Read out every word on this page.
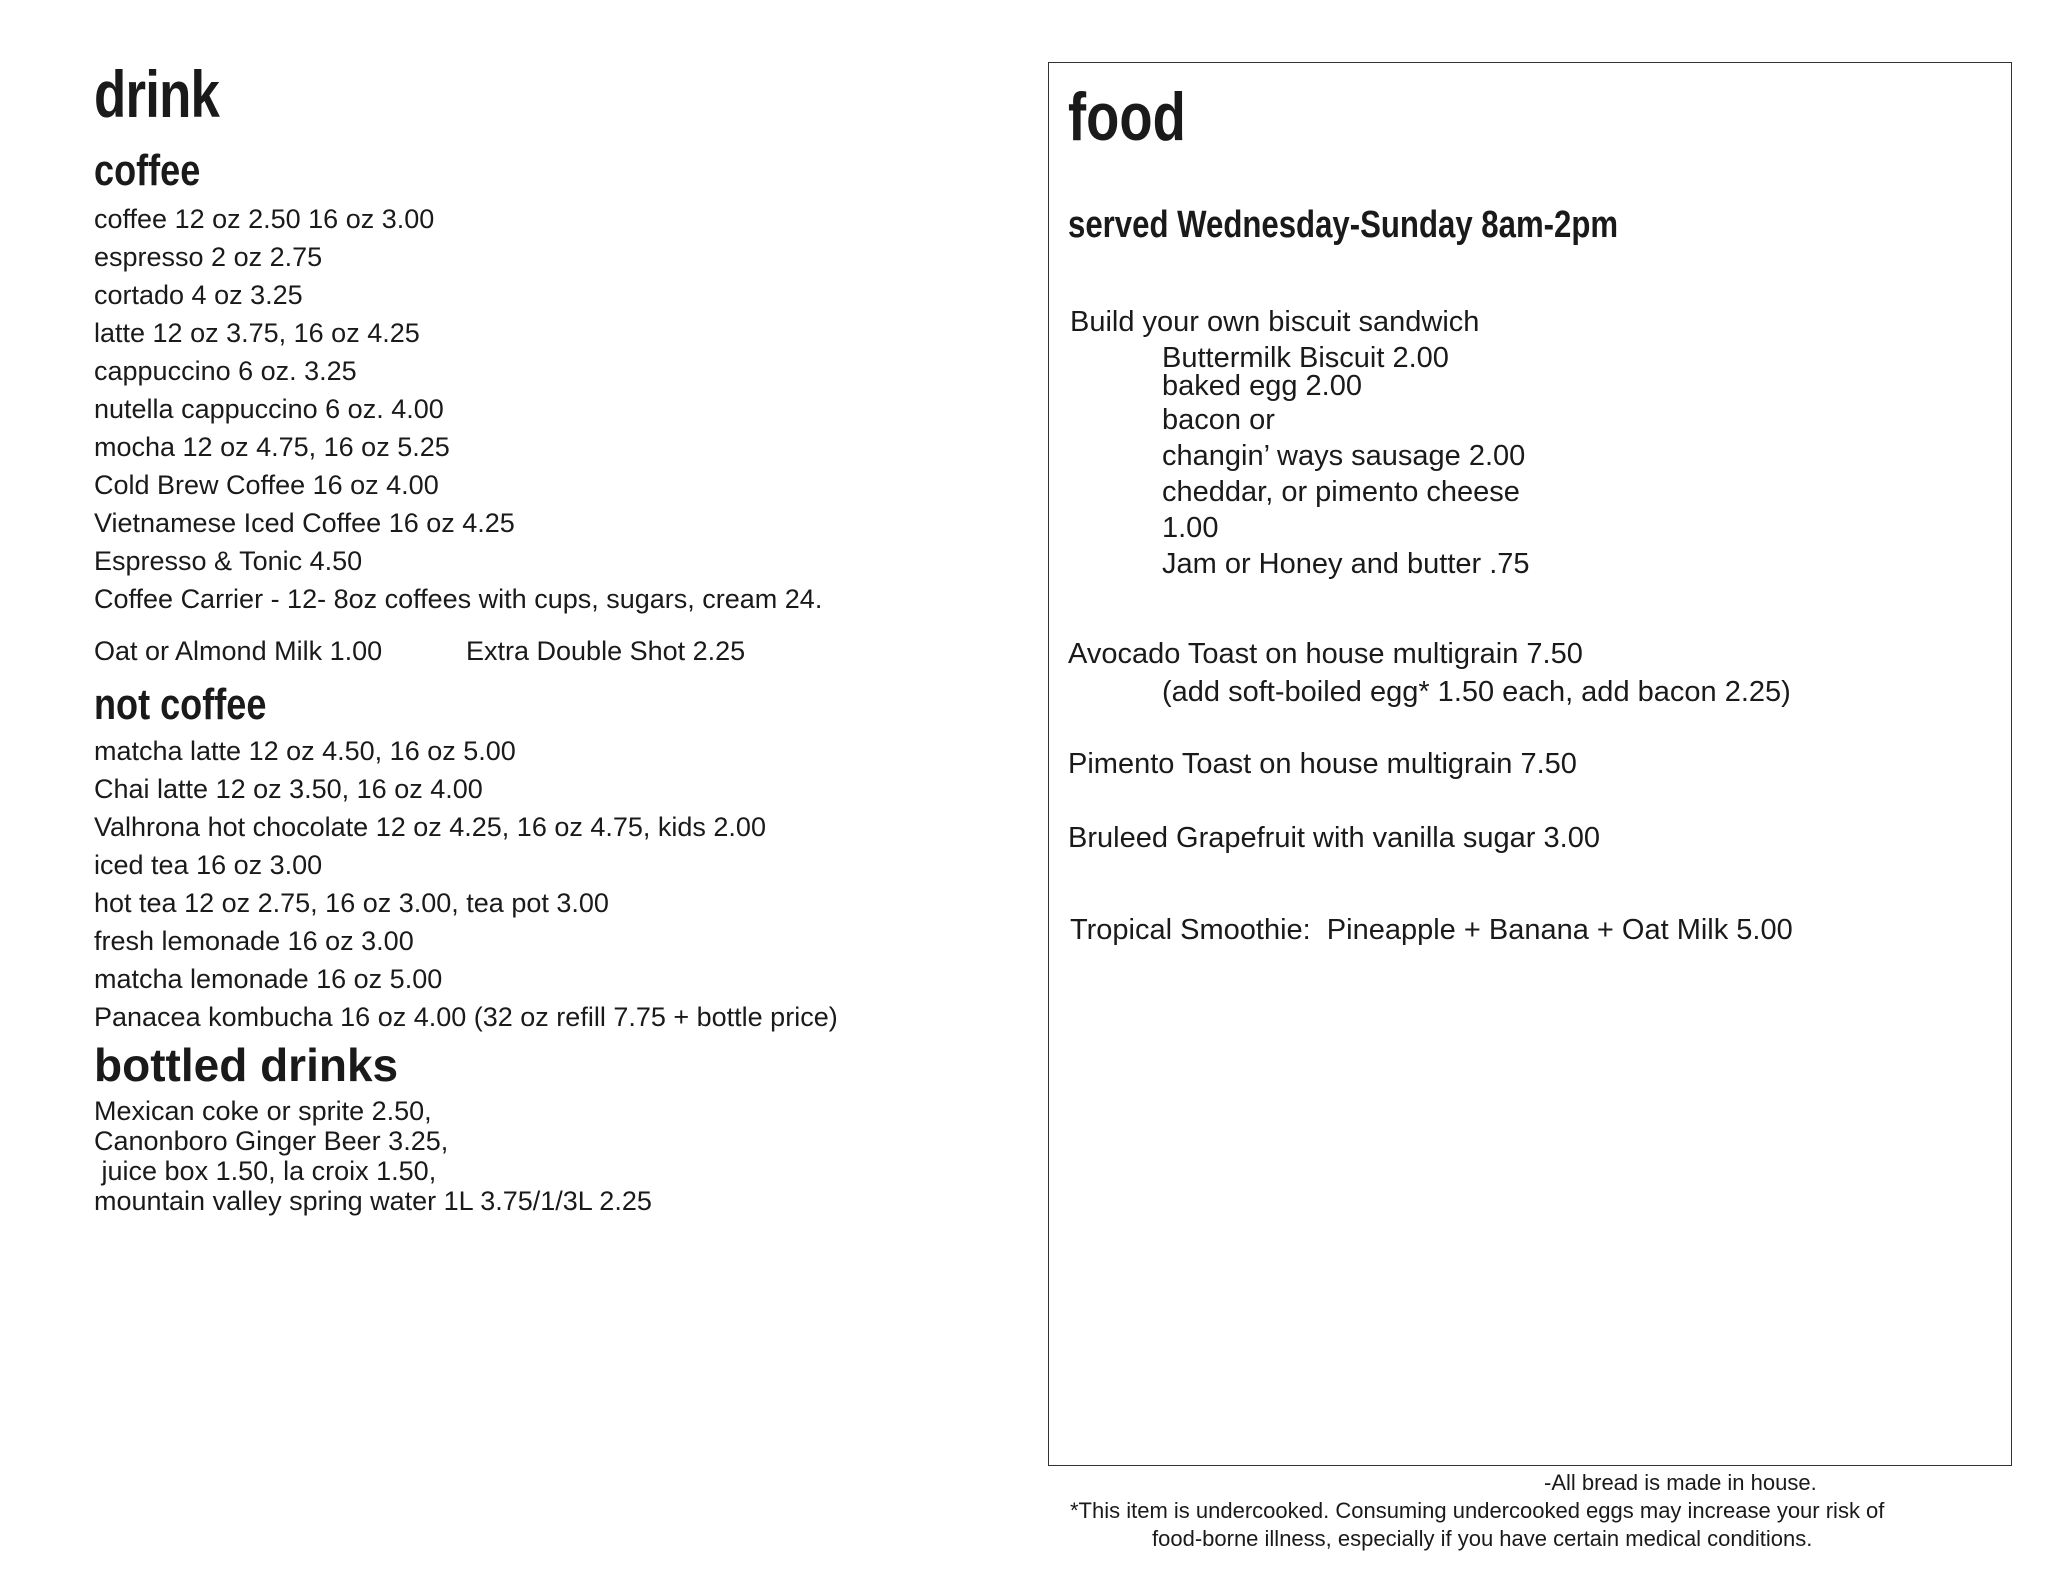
drink
coffee
coffee 12 oz 2.50 16 oz 3.00
espresso 2 oz 2.75
cortado 4 oz 3.25
latte 12 oz 3.75, 16 oz 4.25
cappuccino 6 oz. 3.25
nutella cappuccino 6 oz. 4.00
mocha 12 oz 4.75, 16 oz 5.25
Cold Brew Coffee 16 oz 4.00
Vietnamese Iced Coffee 16 oz 4.25
Espresso & Tonic 4.50
Coffee Carrier - 12- 8oz coffees with cups, sugars, cream 24.
Oat or Almond Milk 1.00	Extra Double Shot 2.25
not coffee
matcha latte 12 oz 4.50, 16 oz 5.00
Chai latte 12 oz 3.50, 16 oz 4.00
Valhrona hot chocolate 12 oz 4.25, 16 oz 4.75, kids 2.00
iced tea 16 oz 3.00
hot tea 12 oz 2.75, 16 oz 3.00, tea pot 3.00
fresh lemonade 16 oz 3.00
matcha lemonade 16 oz 5.00
Panacea kombucha 16 oz 4.00 (32 oz refill 7.75 + bottle price)
bottled drinks
Mexican coke or sprite 2.50,
Canonboro Ginger Beer 3.25,
juice box 1.50, la croix 1.50,
mountain valley spring water 1L 3.75/1/3L 2.25
food
served Wednesday-Sunday 8am-2pm
Build your own biscuit sandwich
Buttermilk Biscuit 2.00
baked egg 2.00
bacon or
changin’ ways sausage 2.00
cheddar, or pimento cheese
1.00
Jam or Honey and butter .75
Avocado Toast on house multigrain 7.50
(add soft-boiled egg* 1.50 each, add bacon 2.25)
Pimento Toast on house multigrain 7.50
Bruleed Grapefruit with vanilla sugar 3.00
Tropical Smoothie:  Pineapple + Banana + Oat Milk 5.00
-All bread is made in house.
*This item is undercooked. Consuming undercooked eggs may increase your risk of
food-borne illness, especially if you have certain medical conditions.
